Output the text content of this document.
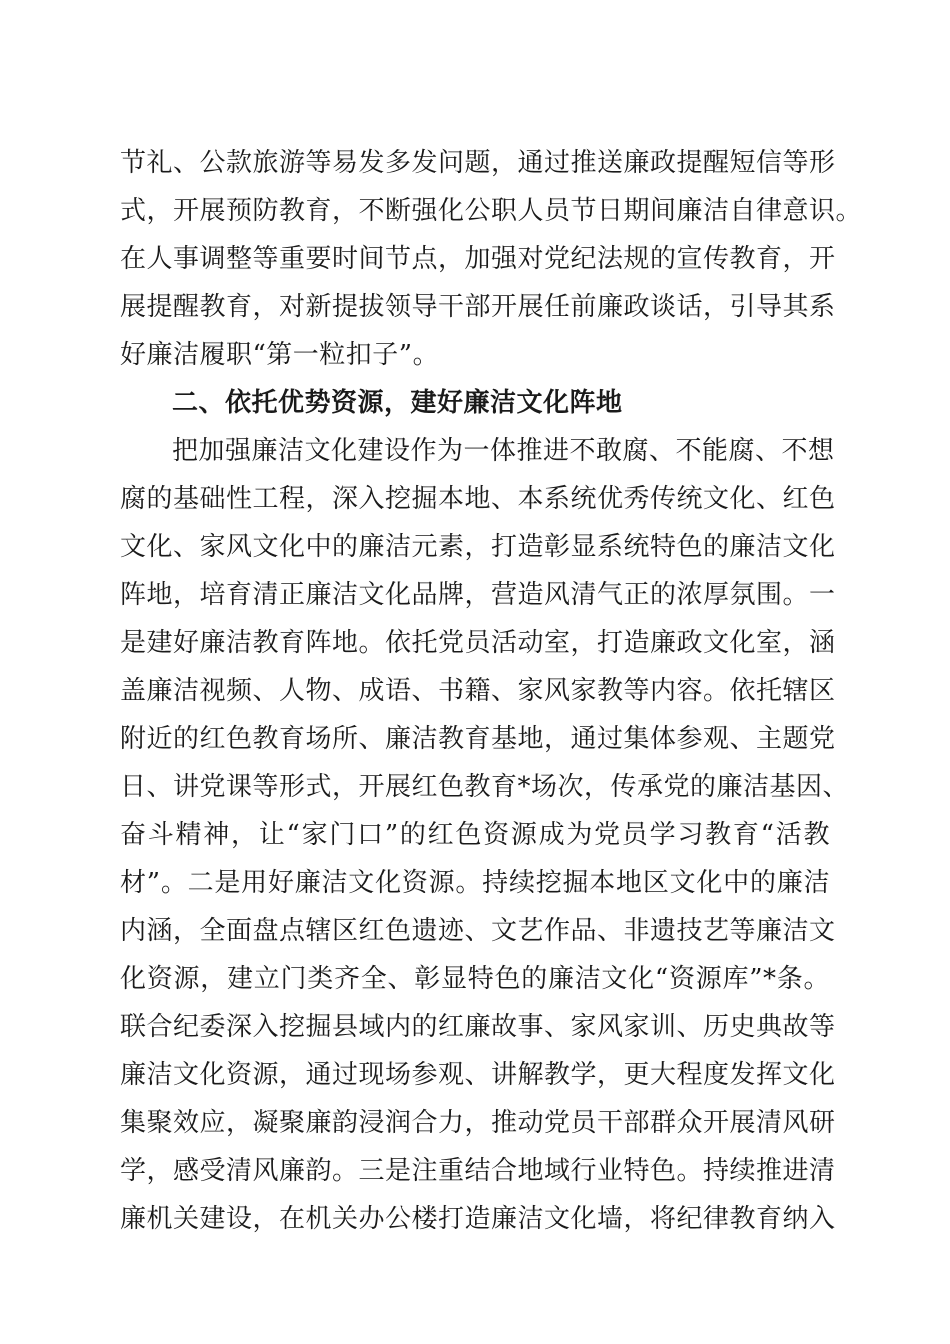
节礼、公款旅游等易发多发问题，通过推送廉政提醒短信等形
式，开展预防教育，不断强化公职人员节日期间廉洁自律意识。
在人事调整等重要时间节点，加强对党纪法规的宣传教育，开
展提醒教育，对新提拔领导干部开展任前廉政谈话，引导其系
好廉洁履职“第一粒扣子”。
二、依托优势资源，建好廉洁文化阵地
把加强廉洁文化建设作为一体推进不敢腐、不能腐、不想
腐的基础性工程，深入挖掘本地、本系统优秀传统文化、红色
文化、家风文化中的廉洁元素，打造彰显系统特色的廉洁文化
阵地，培育清正廉洁文化品牌，营造风清气正的浓厚氛围。一
是建好廉洁教育阵地。依托党员活动室，打造廉政文化室，涵
盖廉洁视频、人物、成语、书籍、家风家教等内容。依托辖区
附近的红色教育场所、廉洁教育基地，通过集体参观、主题党
日、讲党课等形式，开展红色教育*场次，传承党的廉洁基因、
奋斗精神，让“家门口”的红色资源成为党员学习教育“活教
材”。二是用好廉洁文化资源。持续挖掘本地区文化中的廉洁
内涵，全面盘点辖区红色遗迹、文艺作品、非遗技艺等廉洁文
化资源，建立门类齐全、彰显特色的廉洁文化“资源库”*条。
联合纪委深入挖掘县域内的红廉故事、家风家训、历史典故等
廉洁文化资源，通过现场参观、讲解教学，更大程度发挥文化
集聚效应，凝聚廉韵浸润合力，推动党员干部群众开展清风研
学，感受清风廉韵。三是注重结合地域行业特色。持续推进清
廉机关建设，在机关办公楼打造廉洁文化墙，将纪律教育纳入
